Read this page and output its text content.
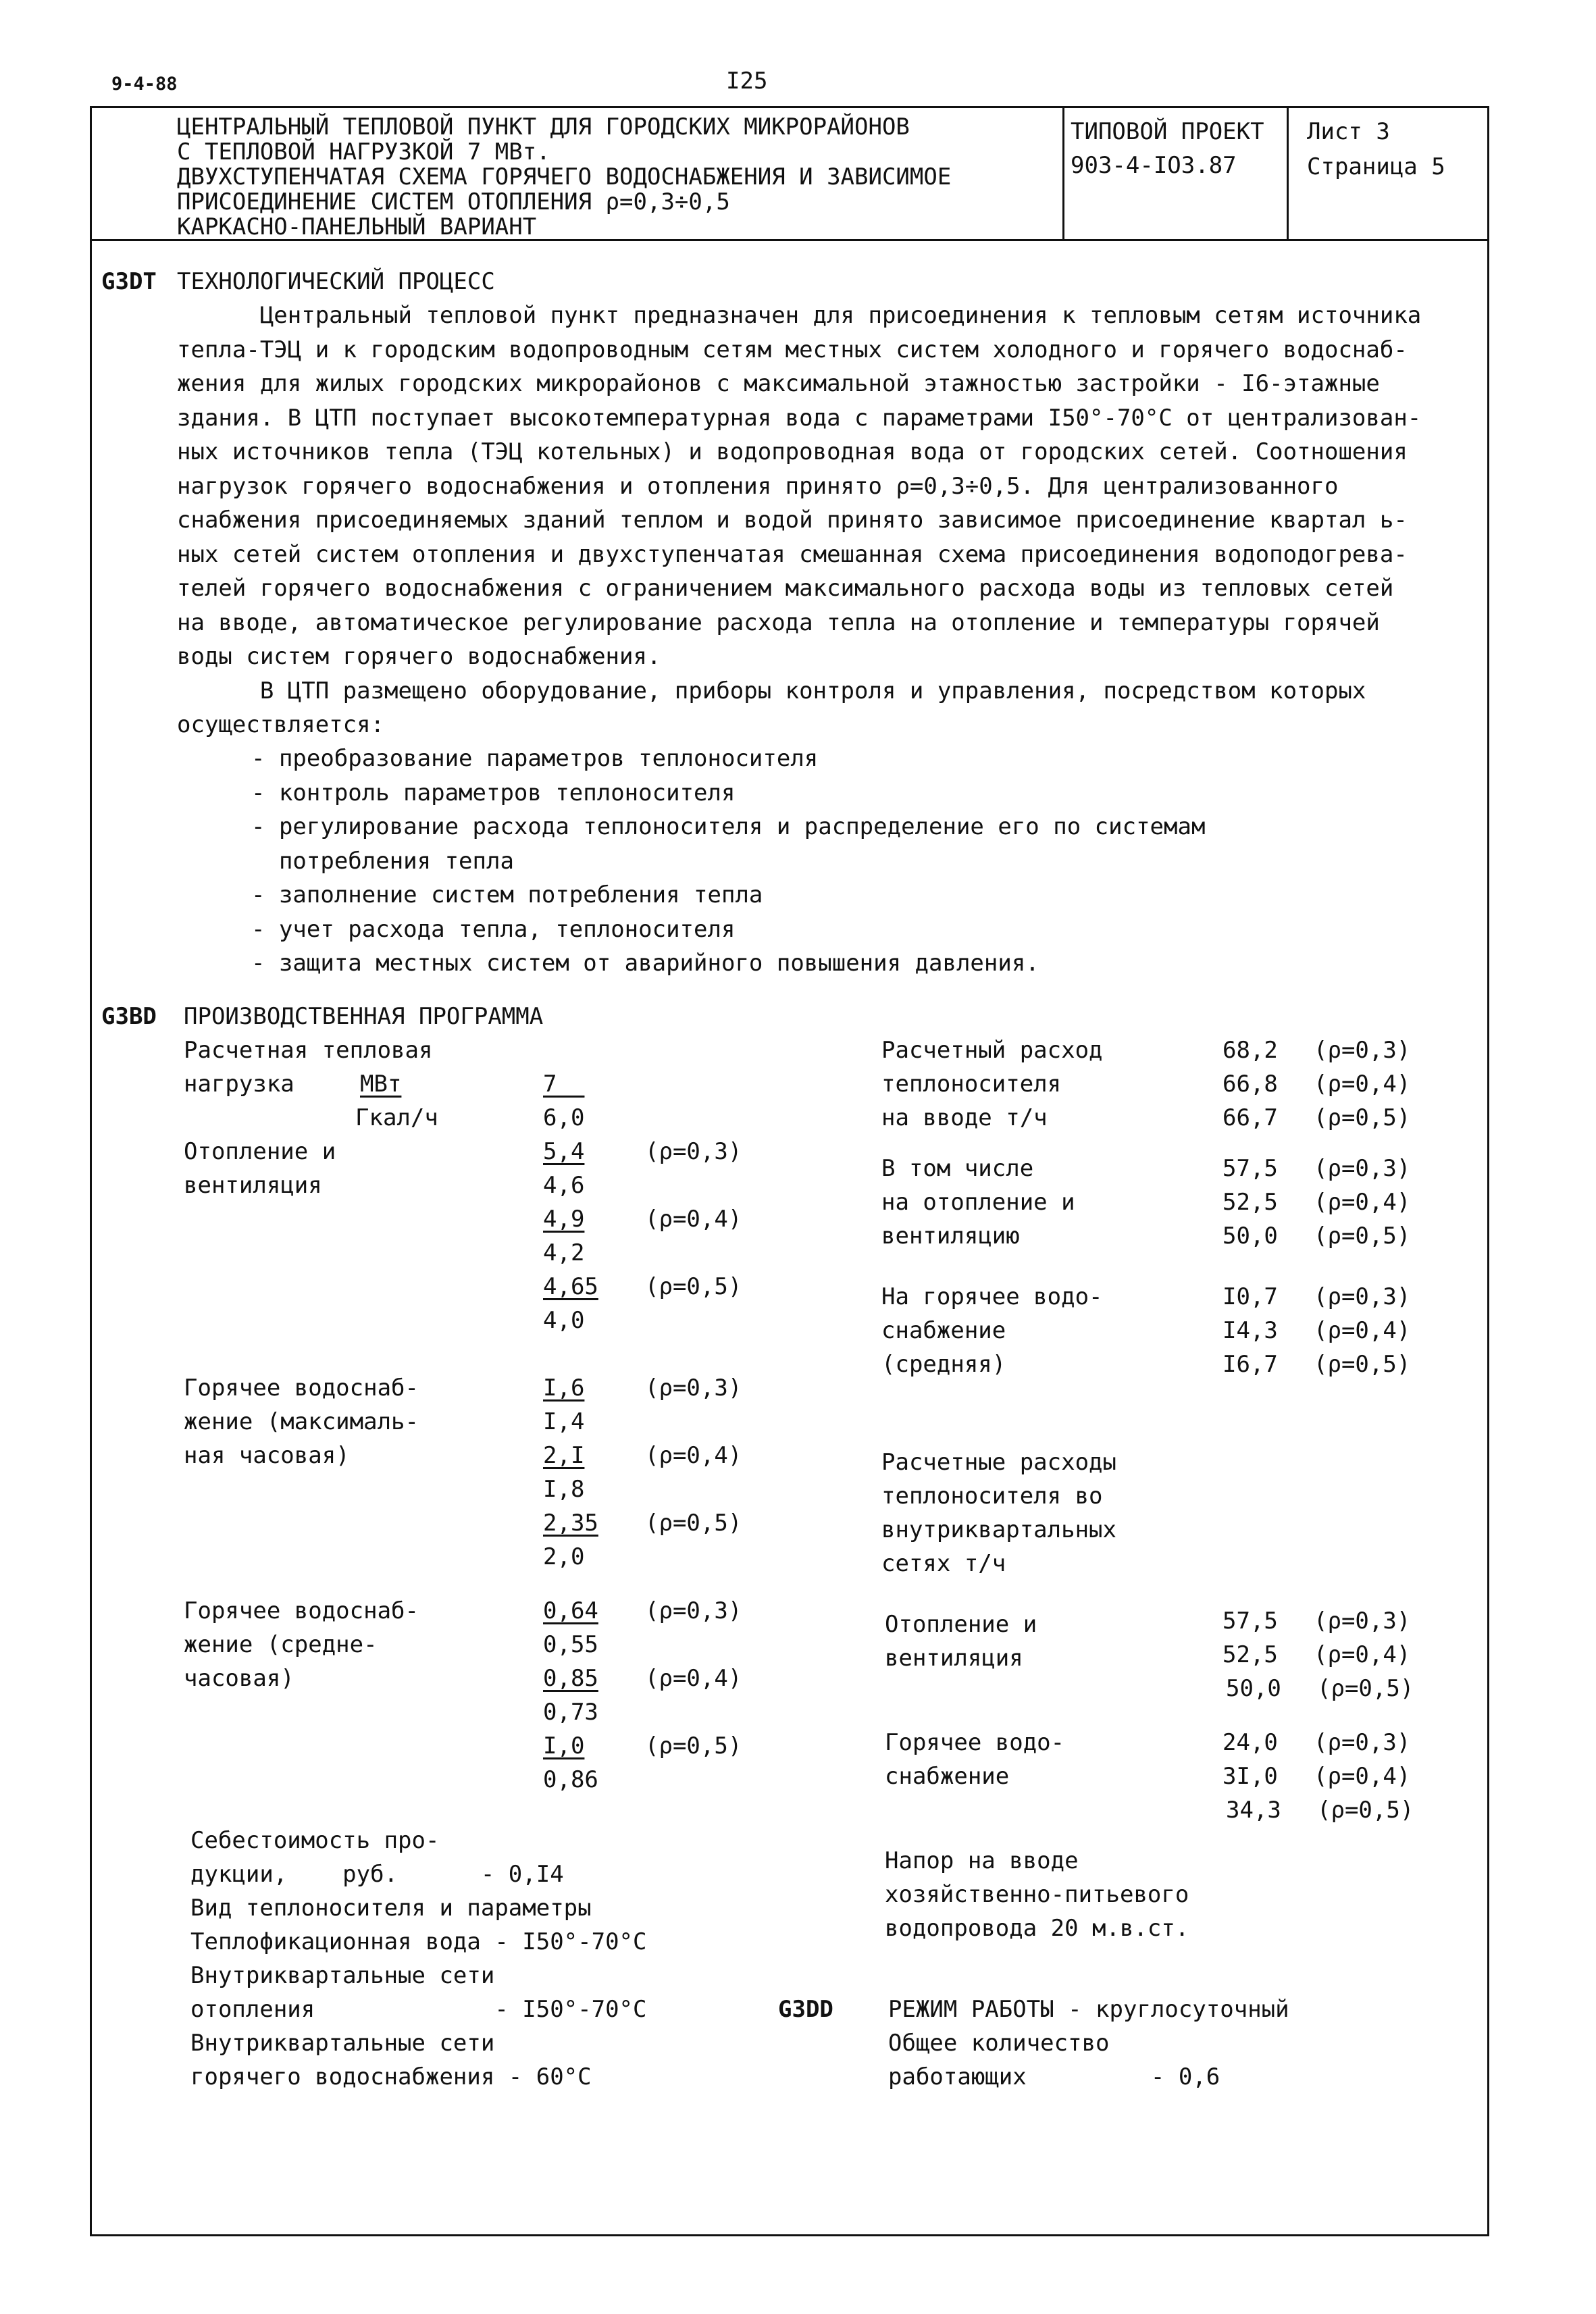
9-4-88	I25
ЦЕНТРАЛЬНЫЙ ТЕПЛОВОЙ ПУНКТ ДЛЯ ГОРОДСКИХ МИКРОРАЙОНОВ
С ТЕПЛОВОЙ НАГРУЗКОЙ 7 МВт.
ДВУХСТУПЕНЧАТАЯ СХЕМА ГОРЯЧЕГО ВОДОСНАБЖЕНИЯ И ЗАВИСИМОЕ
ПРИСОЕДИНЕНИЕ СИСТЕМ ОТОПЛЕНИЯ ρ=0,3÷0,5
КАРКАСНО-ПАНЕЛЬНЫЙ ВАРИАНТ
ТИПОВОЙ ПРОЕКТ
903-4-IO3.87
Лист 3
Страница 5
G3DT ТЕХНОЛОГИЧЕСКИЙ ПРОЦЕСС
Центральный тепловой пункт предназначен для присоединения к тепловым сетям источника
тепла-ТЭЦ и к городским водопроводным сетям местных систем холодного и горячего водоснаб-
жения для жилых городских микрорайонов с максимальной этажностью застройки - I6-этажные
здания. В ЦТП поступает высокотемпературная вода с параметрами I50°-70°С от централизован-
ных источников тепла (ТЭЦ котельных) и водопроводная вода от городских сетей. Соотношения
нагрузок горячего водоснабжения и отопления принято ρ=0,3÷0,5. Для централизованного
снабжения присоединяемых зданий теплом и водой принято зависимое присоединение квартал ь-
ных сетей систем отопления и двухступенчатая смешанная схема присоединения водоподогрева-
телей горячего водоснабжения с ограничением максимального расхода воды из тепловых сетей
на вводе, автоматическое регулирование расхода тепла на отопление и температуры горячей
воды систем горячего водоснабжения.
В ЦТП размещено оборудование, приборы контроля и управления, посредством которых
осуществляется:
- преобразование параметров теплоносителя
- контроль параметров теплоносителя
- регулирование расхода теплоносителя и распределение его по системам
потребления тепла
- заполнение систем потребления тепла
- учет расхода тепла, теплоносителя
- защита местных систем от аварийного повышения давления.
G3BD ПРОИЗВОДСТВЕННАЯ ПРОГРАММА
Расчетная тепловая
нагрузка	МВт
Гкал/ч
7__
6,0
Отопление и
вентиляция
5,4
4,6
(ρ=0,3)
4,9
4,2
(ρ=0,4)
4,65
4,0
(ρ=0,5)
Горячее водоснаб-
жение (максималь-
ная часовая)
I,6
I,4
(ρ=0,3)
2,I
I,8
(ρ=0,4)
2,35
2,0
(ρ=0,5)
Горячее водоснаб-
жение (средне-
часовая)
0,64
0,55
(ρ=0,3)
0,85
0,73
(ρ=0,4)
I,0
0,86
(ρ=0,5)
Себестоимость про-
дукции,    руб.      - 0,I4
Вид теплоносителя и параметры
Теплофикационная вода - I50°-70°С
Внутриквартальные сети
отопления             - I50°-70°С
Внутриквартальные сети
горячего водоснабжения - 60°С
Расчетный расход
теплоносителя
на вводе т/ч
68,2 (ρ=0,3)
66,8 (ρ=0,4)
66,7 (ρ=0,5)
В том числе
на отопление и
вентиляцию
57,5 (ρ=0,3)
52,5 (ρ=0,4)
50,0 (ρ=0,5)
На горячее водо-
снабжение
(средняя)
I0,7 (ρ=0,3)
I4,3 (ρ=0,4)
I6,7 (ρ=0,5)
Расчетные расходы
теплоносителя во
внутриквартальных
сетях т/ч
Отопление и
вентиляция
57,5 (ρ=0,3)
52,5 (ρ=0,4)
50,0 (ρ=0,5)
Горячее водо-
снабжение
24,0 (ρ=0,3)
3I,0 (ρ=0,4)
34,3 (ρ=0,5)
Напор на вводе
хозяйственно-питьевого
водопровода 20 м.в.ст.
G3DD РЕЖИМ РАБОТЫ - круглосуточный
Общее количество
работающих         - 0,6
